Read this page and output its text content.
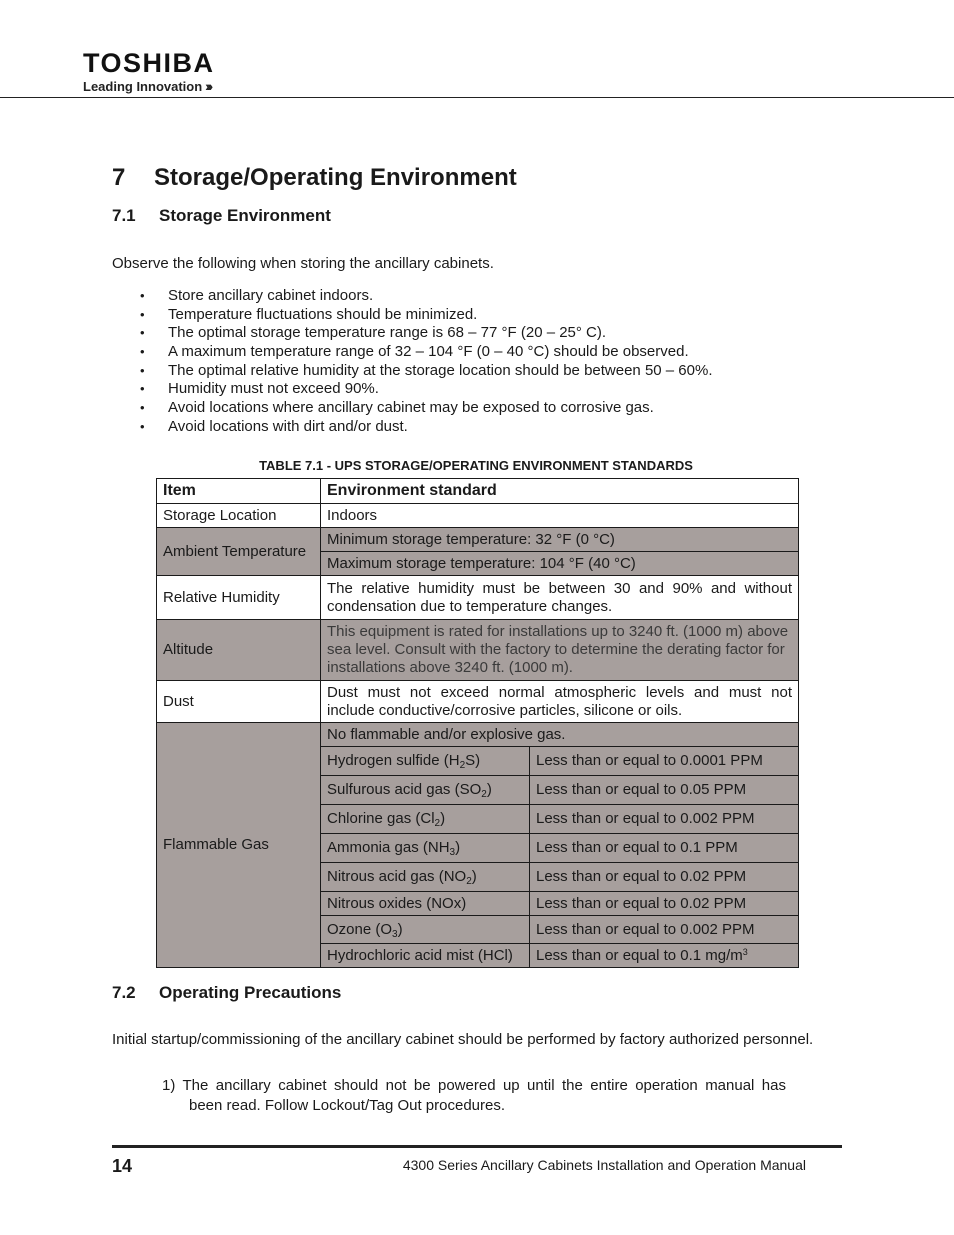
TOSHIBA
Leading Innovation ›››
7 Storage/Operating Environment
7.1 Storage Environment
Observe the following when storing the ancillary cabinets.
• Store ancillary cabinet indoors.
• Temperature fluctuations should be minimized.
• The optimal storage temperature range is 68 – 77 °F (20 – 25° C).
• A maximum temperature range of 32 – 104 °F (0 – 40 °C) should be observed.
• The optimal relative humidity at the storage location should be between 50 – 60%.
• Humidity must not exceed 90%.
• Avoid locations where ancillary cabinet may be exposed to corrosive gas.
• Avoid locations with dirt and/or dust.
TABLE 7.1 - UPS STORAGE/OPERATING ENVIRONMENT STANDARDS
Item	Environment standard	
Storage Location	Indoors	
Ambient Temperature	Minimum storage temperature: 32 °F (0 °C)	
	Maximum storage temperature: 104 °F (40 °C)	
Relative Humidity	The relative humidity must be between 30 and 90% and without condensation due to temperature changes.	
Altitude	This equipment is rated for installations up to 3240 ft. (1000 m) above sea level. Consult with the factory to determine the derating factor for installations above 3240 ft. (1000 m).	
Dust	Dust must not exceed normal atmospheric levels and must not include conductive/corrosive particles, silicone or oils.	
Flammable Gas	No flammable and/or explosive gas.	
	Hydrogen sulfide $(H_2S)$	Less than or equal to 0.0001 PPM
	Sulfurous acid gas $(SO_2)$	Less than or equal to 0.05 PPM
	Chlorine gas $(Cl_2)$	Less than or equal to 0.002 PPM
	Ammonia gas $(NH_3)$	Less than or equal to 0.1 PPM
	Nitrous acid gas $(NO_2)$	Less than or equal to 0.02 PPM
	Nitrous oxides (NOx)	Less than or equal to 0.02 PPM
	Ozone $(O_3)$	Less than or equal to 0.002 PPM
	Hydrochloric acid mist (HCl)	Less than or equal to 0.1 $mg/m^3$
7.2 Operating Precautions
Initial startup/commissioning of the ancillary cabinet should be performed by factory authorized personnel.
1) The ancillary cabinet should not be powered up until the entire operation manual has
been read. Follow Lockout/Tag Out procedures.
14	4300 Series Ancillary Cabinets Installation and Operation Manual
